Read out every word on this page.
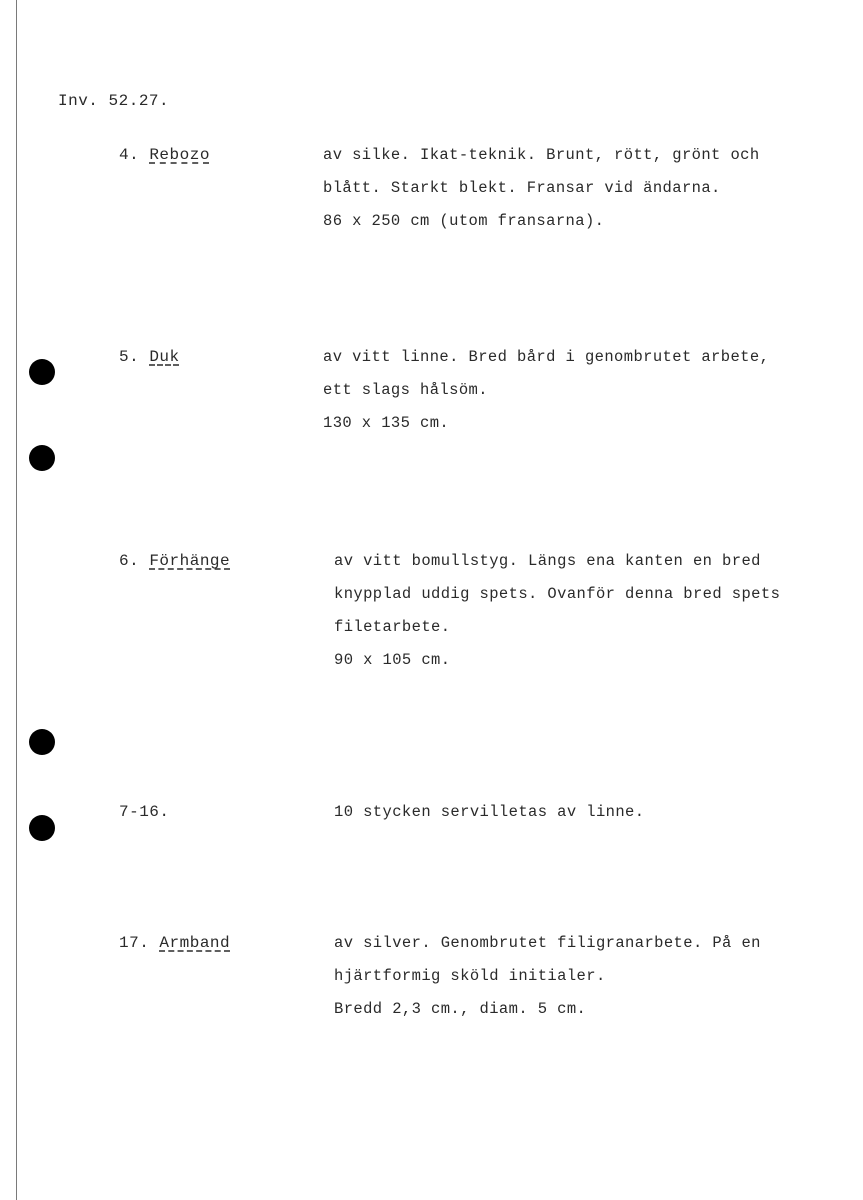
Inv. 52.27.
4. Rebozo	av silke. Ikat-teknik. Brunt, rött, grönt och
blått. Starkt blekt. Fransar vid ändarna.
86 x 250 cm (utom fransarna).
5. Duk	av vitt linne. Bred bård i genombrutet arbete,
ett slags hålsöm.
130 x 135 cm.
6. Förhänge	av vitt bomullstyg. Längs ena kanten en bred
knypplad uddig spets. Ovanför denna bred spets
filetarbete.
90 x 105 cm.
7-16.	10 stycken servilletas av linne.
17. Armband	av silver. Genombrutet filigranarbete. På en
hjärtformig sköld initialer.
Bredd 2,3 cm., diam. 5 cm.
